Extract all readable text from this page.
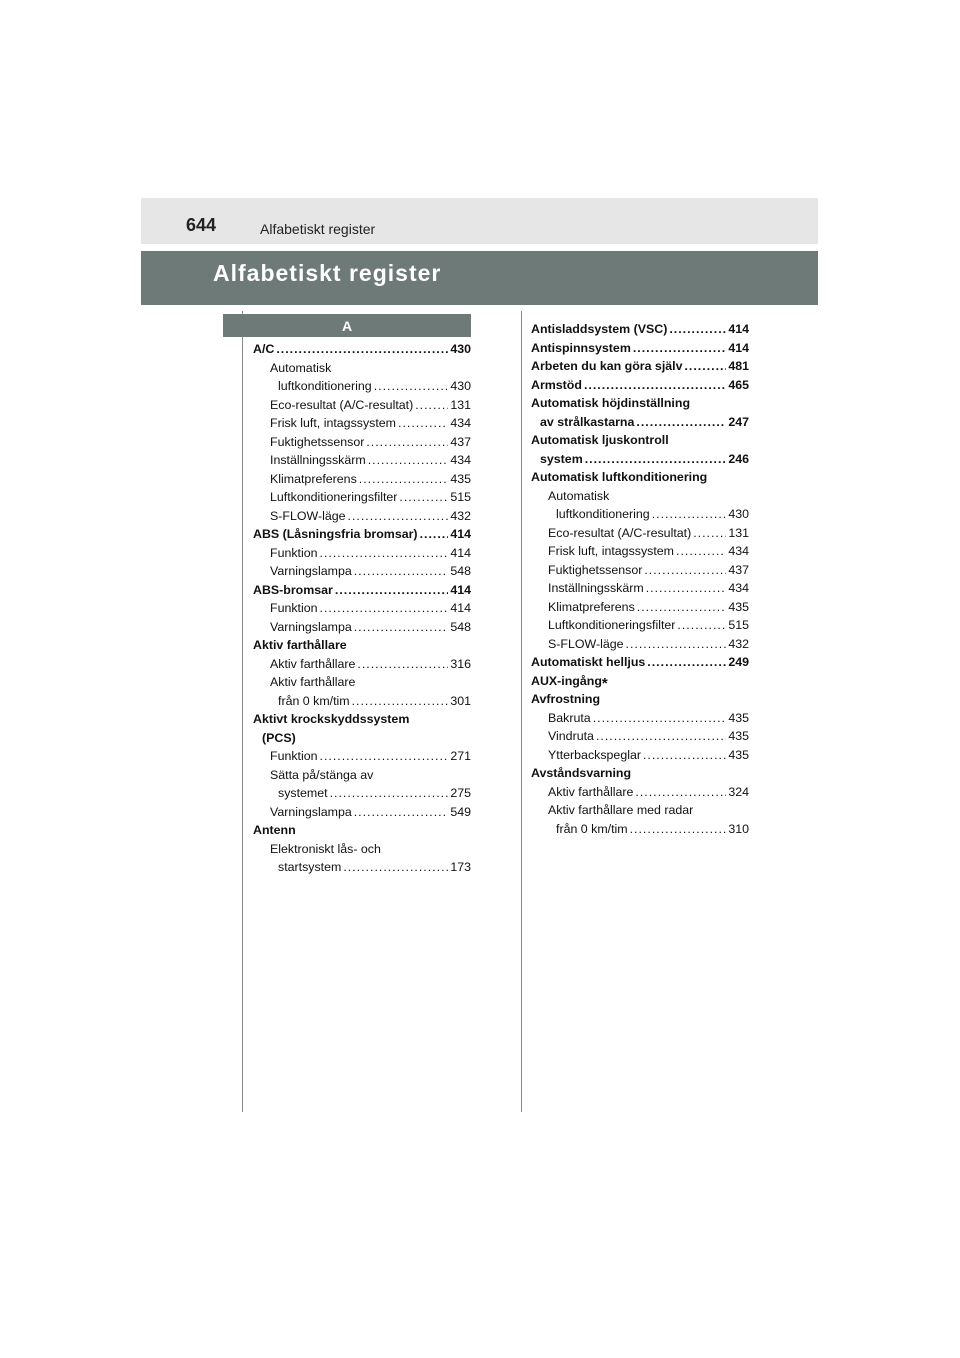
644	Alfabetiskt register
Alfabetiskt register
A
A/C .....	430
Automatisk
luftkonditionering .....	430
Eco-resultat (A/C-resultat) .....	131
Frisk luft, intagssystem .....	434
Fuktighetssensor .....	437
Inställningsskärm .....	434
Klimatpreferens .....	435
Luftkonditioneringsfilter .....	515
S-FLOW-läge .....	432
ABS (Låsningsfria bromsar) .....	414
Funktion .....	414
Varningslampa .....	548
ABS-bromsar .....	414
Funktion .....	414
Varningslampa .....	548
Aktiv farthållare
Aktiv farthållare .....	316
Aktiv farthållare
från 0 km/tim .....	301
Aktivt krockskyddssystem
(PCS)
Funktion .....	271
Sätta på/stänga av
systemet .....	275
Varningslampa .....	549
Antenn
Elektroniskt lås- och
startsystem .....	173
Antisladdsystem (VSC) .....	414
Antispinnsystem .....	414
Arbeten du kan göra själv .....	481
Armstöd .....	465
Automatisk höjdinställning
av strålkastarna .....	247
Automatisk ljuskontroll
system .....	246
Automatisk luftkonditionering
Automatisk
luftkonditionering .....	430
Eco-resultat (A/C-resultat) .....	131
Frisk luft, intagssystem .....	434
Fuktighetssensor .....	437
Inställningsskärm .....	434
Klimatpreferens .....	435
Luftkonditioneringsfilter .....	515
S-FLOW-läge .....	432
Automatiskt helljus .....	249
AUX-ingång*
Avfrostning
Bakruta .....	435
Vindruta .....	435
Ytterbackspeglar .....	435
Avståndsvarning
Aktiv farthållare .....	324
Aktiv farthållare med radar
från 0 km/tim .....	310
